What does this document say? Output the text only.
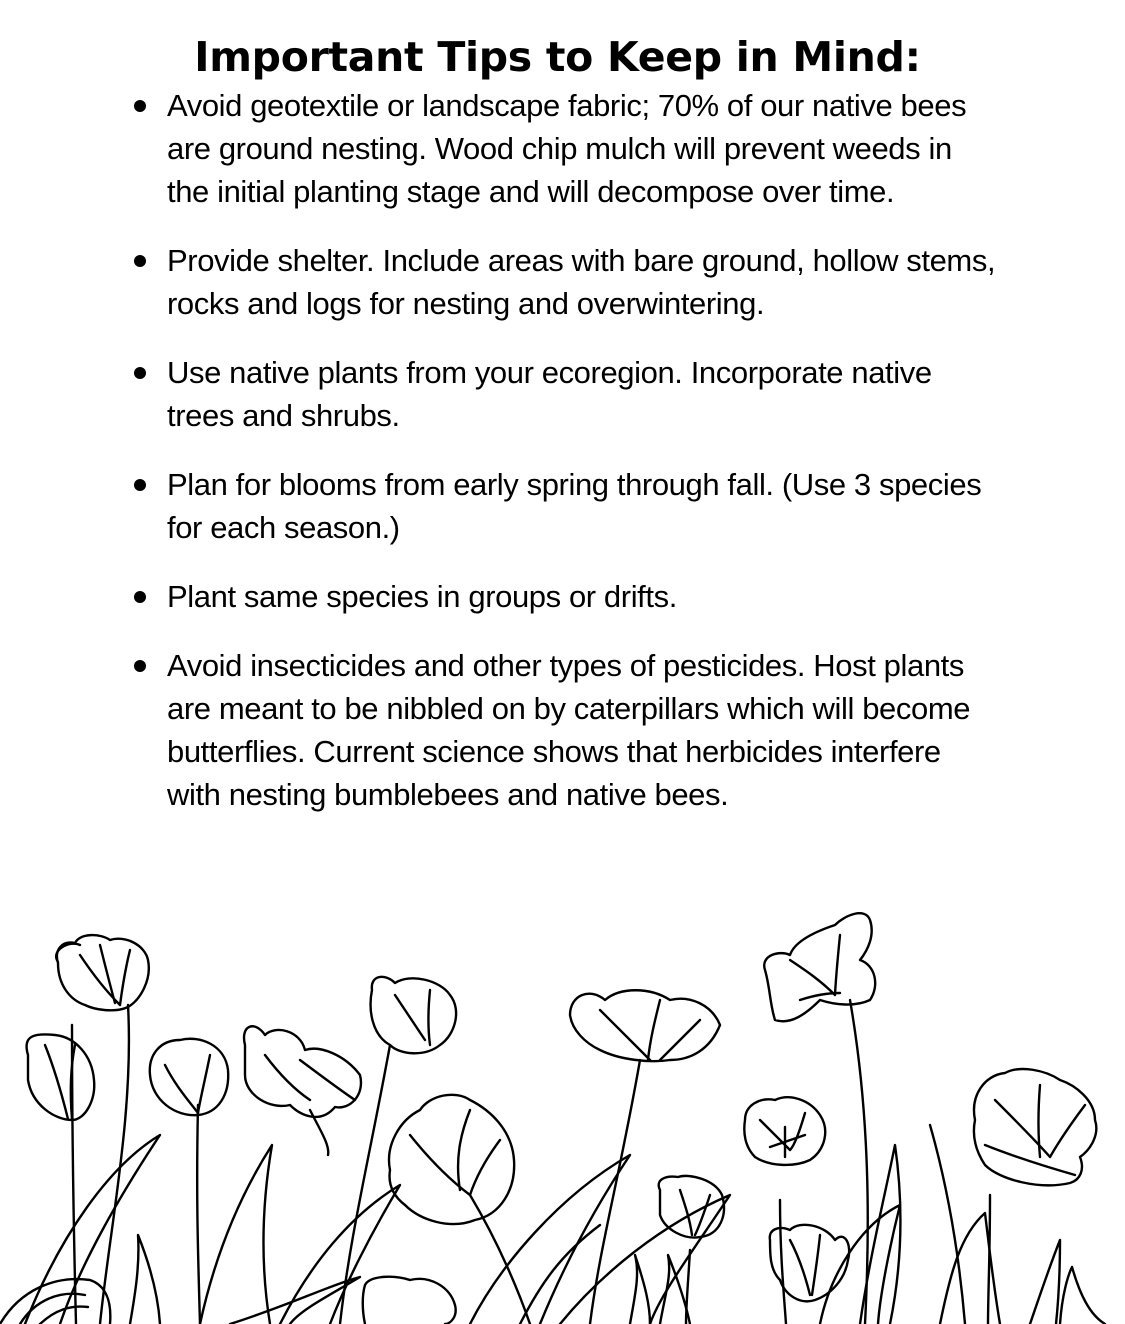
Important Tips to Keep in Mind:
Avoid geotextile or landscape fabric; 70% of our native bees are ground nesting. Wood chip mulch will prevent weeds in the initial planting stage and will decompose over time.
Provide shelter. Include areas with bare ground, hollow stems, rocks and logs for nesting and overwintering.
Use native plants from your ecoregion. Incorporate native trees and shrubs.
Plan for blooms from early spring through fall. (Use 3 species for each season.)
Plant same species in groups or drifts.
Avoid insecticides and other types of pesticides. Host plants are meant to be nibbled on by caterpillars which will become butterflies. Current science shows that herbicides interfere with nesting bumblebees and native bees.
